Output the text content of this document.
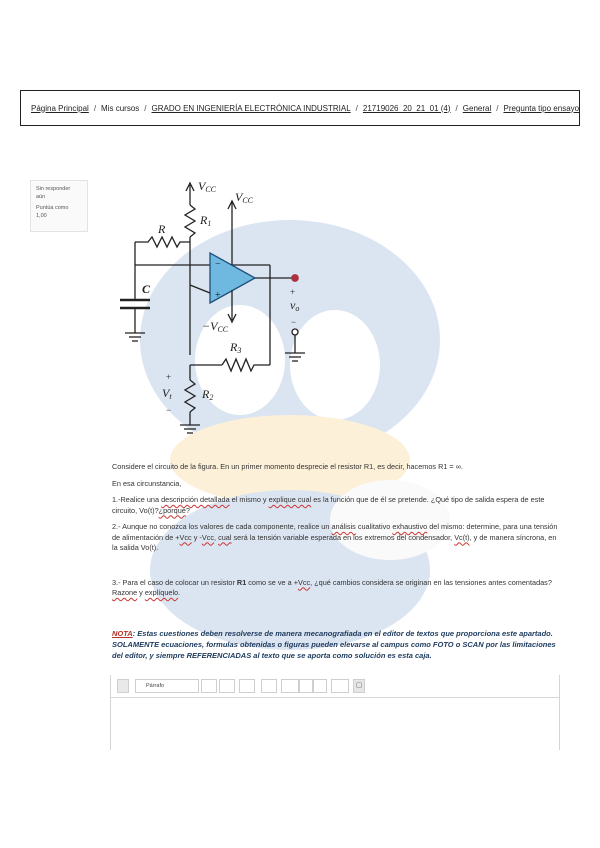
Página Principal / Mis cursos / GRADO EN INGENIERÍA ELECTRÓNICA INDUSTRIAL / 21719026_20_21_01 (4) / General / Pregunta tipo ensayo
Sin responder
aún
Puntúa como
1,00
VCC
VCC
R1
R
C
−
+
−VCC
+
vo
−
R3
+
Vt
−
R2

Considere el circuito de la figura. En un primer momento desprecie el resistor R1, es decir, hacemos R1 = ∞.

En esa circunstancia,

1.-Realice una descripción detallada el mismo y explique cual es la función que de él se pretende. ¿Qué tipo de salida espera de este circuito, Vo(t)?¿porqué?

2.- Aunque no conozca los valores de cada componente, realice un análisis cualitativo exhaustivo del mismo: determine, para una tensión de alimentación de +Vcc y -Vcc, cual será la tensión variable esperada en los extremos del condensador, Vc(t), y de manera síncrona, en la salida Vo(t).

3.- Para el caso de colocar un resistor R1 como se ve a +Vcc, ¿qué cambios considera se originan en las tensiones antes comentadas? Razone y explíquelo.

NOTA: Estas cuestiones deben resolverse de manera mecanografiada en el editor de textos que proporciona este apartado. SOLAMENTE ecuaciones, formulas obtenidas o figuras pueden elevarse al campus como FOTO o SCAN por las limitaciones del editor, y siempre REFERENCIADAS al texto que se aporta como solución es esta caja.
Párrafo	▢
